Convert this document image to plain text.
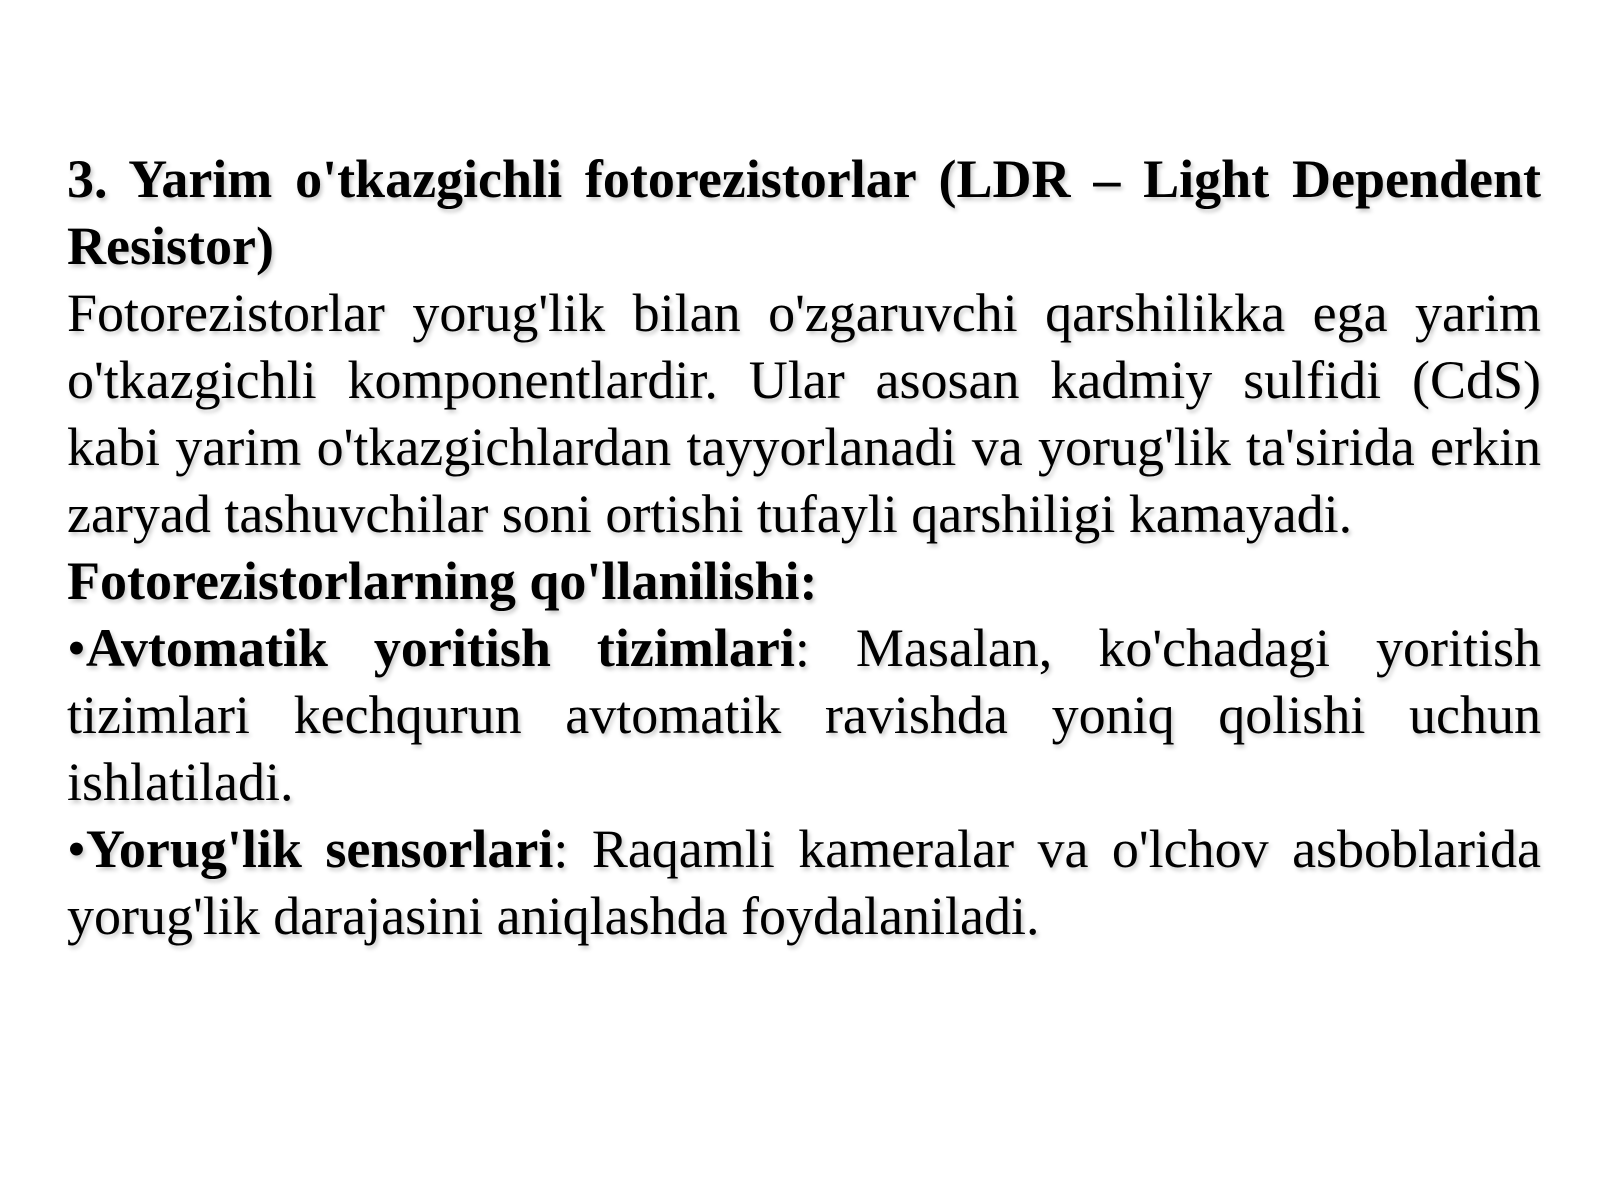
3. Yarim o'tkazgichli fotorezistorlar (LDR – Light Dependent Resistor)

Fotorezistorlar yorug'lik bilan o'zgaruvchi qarshilikka ega yarim o'tkazgichli komponentlardir. Ular asosan kadmiy sulfidi (CdS) kabi yarim o'tkazgichlardan tayyorlanadi va yorug'lik ta'sirida erkin zaryad tashuvchilar soni ortishi tufayli qarshiligi kamayadi.

Fotorezistorlarning qo'llanilishi:

•Avtomatik yoritish tizimlari: Masalan, ko'chadagi yoritish tizimlari kechqurun avtomatik ravishda yoniq qolishi uchun ishlatiladi.

•Yorug'lik sensorlari: Raqamli kameralar va o'lchov asboblarida yorug'lik darajasini aniqlashda foydalaniladi.
